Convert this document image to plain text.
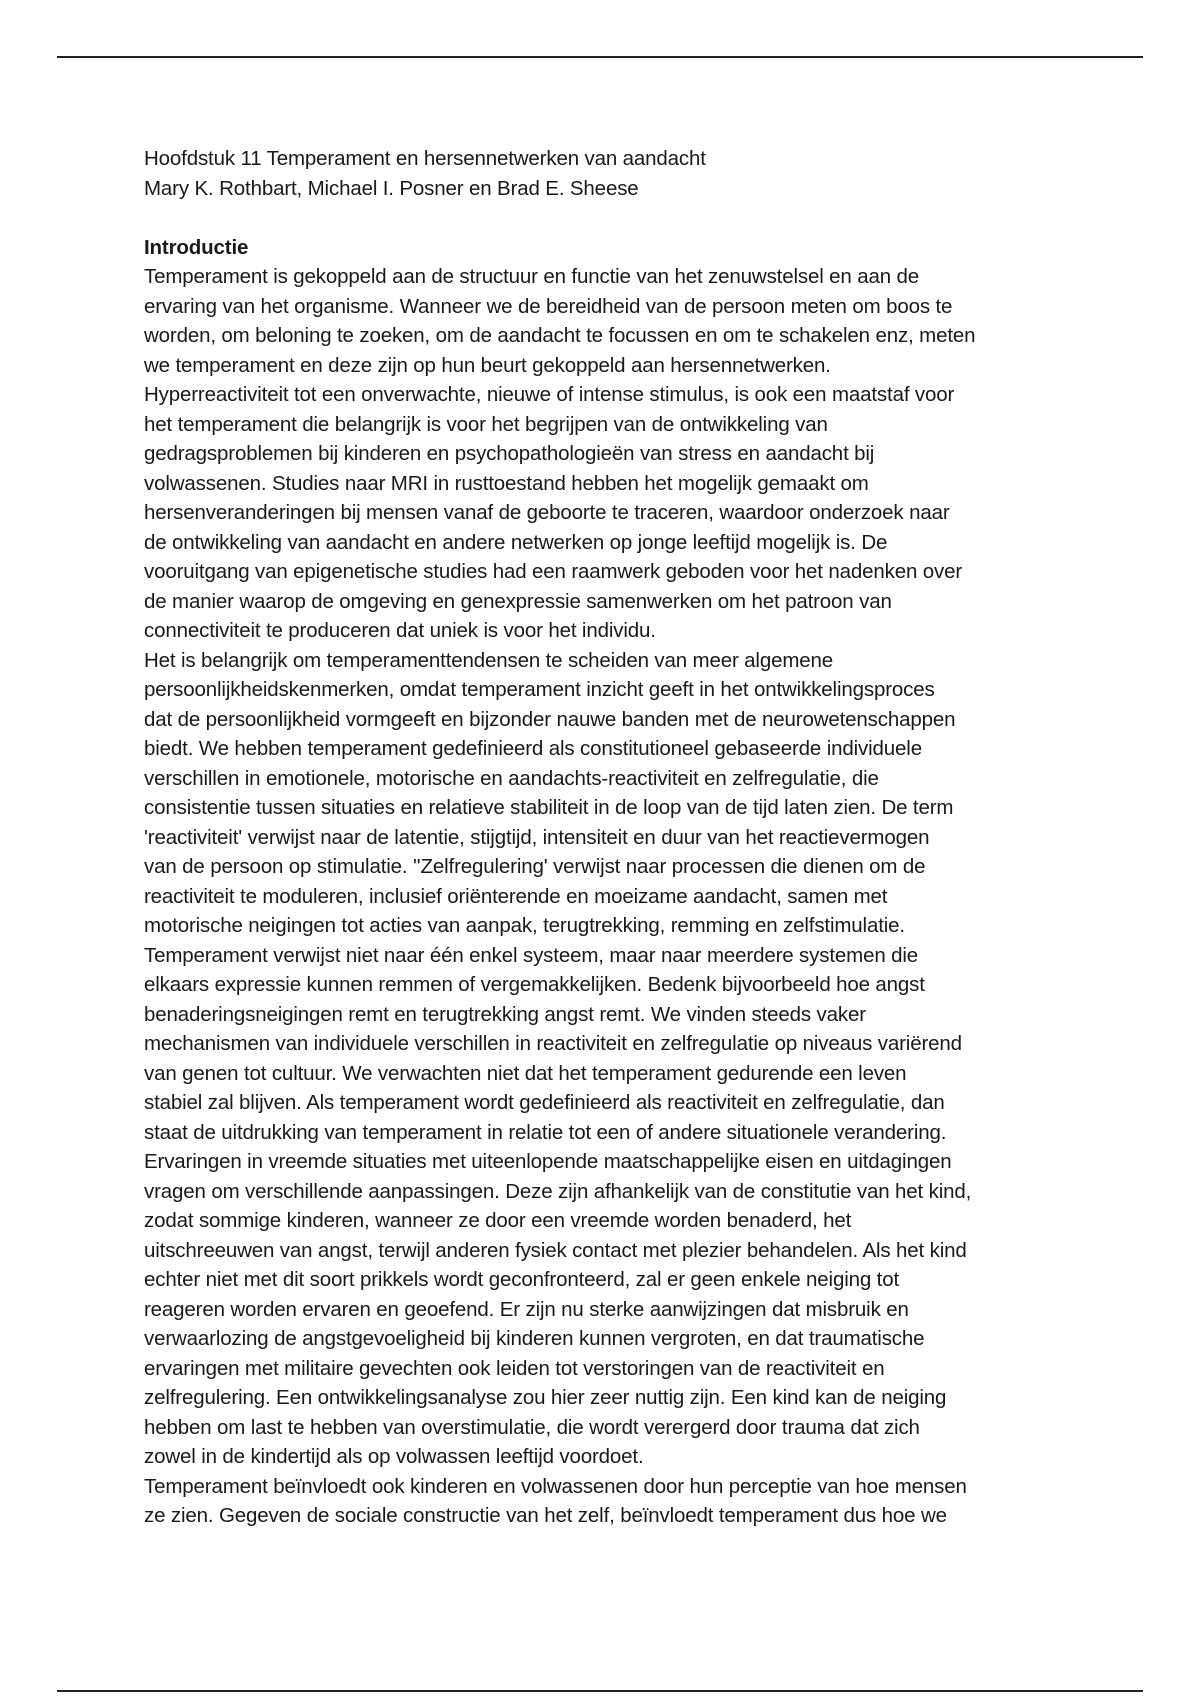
Hoofdstuk 11 Temperament en hersennetwerken van aandacht
Mary K. Rothbart, Michael I. Posner en Brad E. Sheese
Introductie
Temperament is gekoppeld aan de structuur en functie van het zenuwstelsel en aan de
ervaring van het organisme. Wanneer we de bereidheid van de persoon meten om boos te
worden, om beloning te zoeken, om de aandacht te focussen en om te schakelen enz, meten
we temperament en deze zijn op hun beurt gekoppeld aan hersennetwerken.
Hyperreactiviteit tot een onverwachte, nieuwe of intense stimulus, is ook een maatstaf voor
het temperament die belangrijk is voor het begrijpen van de ontwikkeling van
gedragsproblemen bij kinderen en psychopathologieën van stress en aandacht bij
volwassenen. Studies naar MRI in rusttoestand hebben het mogelijk gemaakt om
hersenveranderingen bij mensen vanaf de geboorte te traceren, waardoor onderzoek naar
de ontwikkeling van aandacht en andere netwerken op jonge leeftijd mogelijk is. De
vooruitgang van epigenetische studies had een raamwerk geboden voor het nadenken over
de manier waarop de omgeving en genexpressie samenwerken om het patroon van
connectiviteit te produceren dat uniek is voor het individu.
Het is belangrijk om temperamenttendensen te scheiden van meer algemene
persoonlijkheidskenmerken, omdat temperament inzicht geeft in het ontwikkelingsproces
dat de persoonlijkheid vormgeeft en bijzonder nauwe banden met de neurowetenschappen
biedt. We hebben temperament gedefinieerd als constitutioneel gebaseerde individuele
verschillen in emotionele, motorische en aandachts-reactiviteit en zelfregulatie, die
consistentie tussen situaties en relatieve stabiliteit in de loop van de tijd laten zien. De term
'reactiviteit' verwijst naar de latentie, stijgtijd, intensiteit en duur van het reactievermogen
van de persoon op stimulatie. ''Zelfregulering' verwijst naar processen die dienen om de
reactiviteit te moduleren, inclusief oriënterende en moeizame aandacht, samen met
motorische neigingen tot acties van aanpak, terugtrekking, remming en zelfstimulatie.
Temperament verwijst niet naar één enkel systeem, maar naar meerdere systemen die
elkaars expressie kunnen remmen of vergemakkelijken. Bedenk bijvoorbeeld hoe angst
benaderingsneigingen remt en terugtrekking angst remt. We vinden steeds vaker
mechanismen van individuele verschillen in reactiviteit en zelfregulatie op niveaus variërend
van genen tot cultuur. We verwachten niet dat het temperament gedurende een leven
stabiel zal blijven. Als temperament wordt gedefinieerd als reactiviteit en zelfregulatie, dan
staat de uitdrukking van temperament in relatie tot een of andere situationele verandering.
Ervaringen in vreemde situaties met uiteenlopende maatschappelijke eisen en uitdagingen
vragen om verschillende aanpassingen. Deze zijn afhankelijk van de constitutie van het kind,
zodat sommige kinderen, wanneer ze door een vreemde worden benaderd, het
uitschreeuwen van angst, terwijl anderen fysiek contact met plezier behandelen. Als het kind
echter niet met dit soort prikkels wordt geconfronteerd, zal er geen enkele neiging tot
reageren worden ervaren en geoefend. Er zijn nu sterke aanwijzingen dat misbruik en
verwaarlozing de angstgevoeligheid bij kinderen kunnen vergroten, en dat traumatische
ervaringen met militaire gevechten ook leiden tot verstoringen van de reactiviteit en
zelfregulering. Een ontwikkelingsanalyse zou hier zeer nuttig zijn. Een kind kan de neiging
hebben om last te hebben van overstimulatie, die wordt verergerd door trauma dat zich
zowel in de kindertijd als op volwassen leeftijd voordoet.
Temperament beïnvloedt ook kinderen en volwassenen door hun perceptie van hoe mensen
ze zien. Gegeven de sociale constructie van het zelf, beïnvloedt temperament dus hoe we
